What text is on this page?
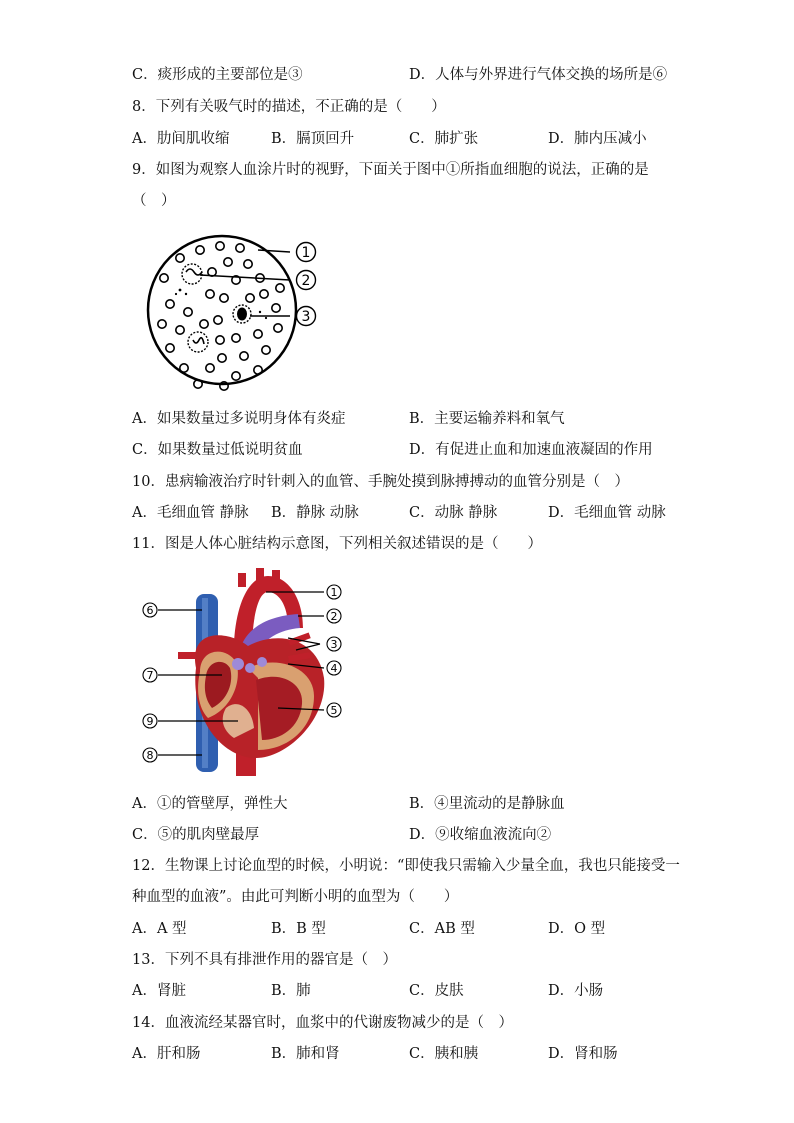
C．痰形成的主要部位是③	D．人体与外界进行气体交换的场所是⑥
8．下列有关吸气时的描述，不正确的是（　　）
A．肋间肌收缩	B．膈顶回升	C．肺扩张	D．肺内压减小
9．如图为观察人血涂片时的视野，下面关于图中①所指血细胞的说法，正确的是
（　）
1
2
3
A．如果数量过多说明身体有炎症	B．主要运输养料和氧气
C．如果数量过低说明贫血	D．有促进止血和加速血液凝固的作用
10．患病输液治疗时针刺入的血管、手腕处摸到脉搏搏动的血管分别是（　）
A．毛细血管 静脉 B．静脉 动脉	C．动脉 静脉	D．毛细血管 动脉
11．图是人体心脏结构示意图，下列相关叙述错误的是（　　）
1
2
3
4
5
6
7
9
8
A．①的管壁厚，弹性大	B．④里流动的是静脉血
C．⑤的肌肉壁最厚	D．⑨收缩血液流向②
12．生物课上讨论血型的时候，小明说：“即使我只需输入少量全血，我也只能接受一
种血型的血液”。由此可判断小明的血型为（　　）
A．A 型	B．B 型	C．AB 型	D．O 型
13．下列不具有排泄作用的器官是（　）
A．肾脏	B．肺	C．皮肤	D．小肠
14．血液流经某器官时，血浆中的代谢废物减少的是（　）
A．肝和肠	B．肺和肾	C．胰和胰	D．肾和肠
